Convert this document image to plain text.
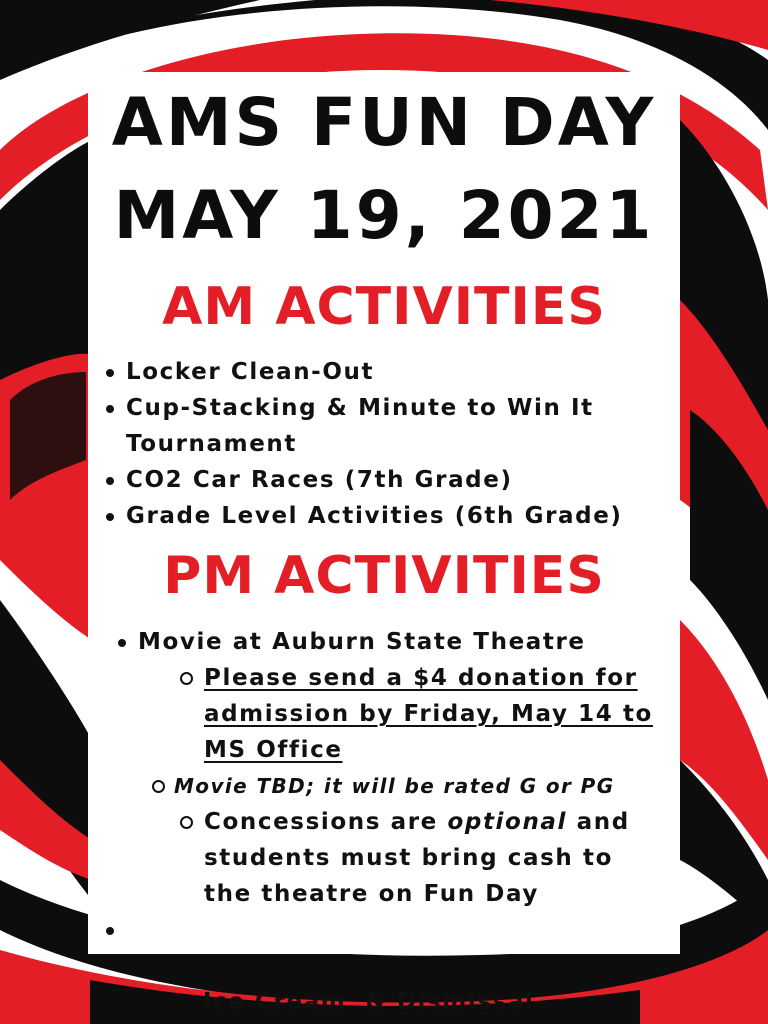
AMS FUN DAY
MAY 19, 2021
AM ACTIVITIES
Locker Clean-Out
Cup-Stacking & Minute to Win It
Tournament
CO2 Car Races (7th Grade)
Grade Level Activities (6th Grade)
PM ACTIVITIES
Movie at Auburn State Theatre
Please send a $4 donation for
admission by Friday, May 14 to
MS Office
Movie TBD; it will be rated G or PG
Concessions are optional and
students must bring cash to
the theatre on Fun Day

Ice Cream  & Dismissal
